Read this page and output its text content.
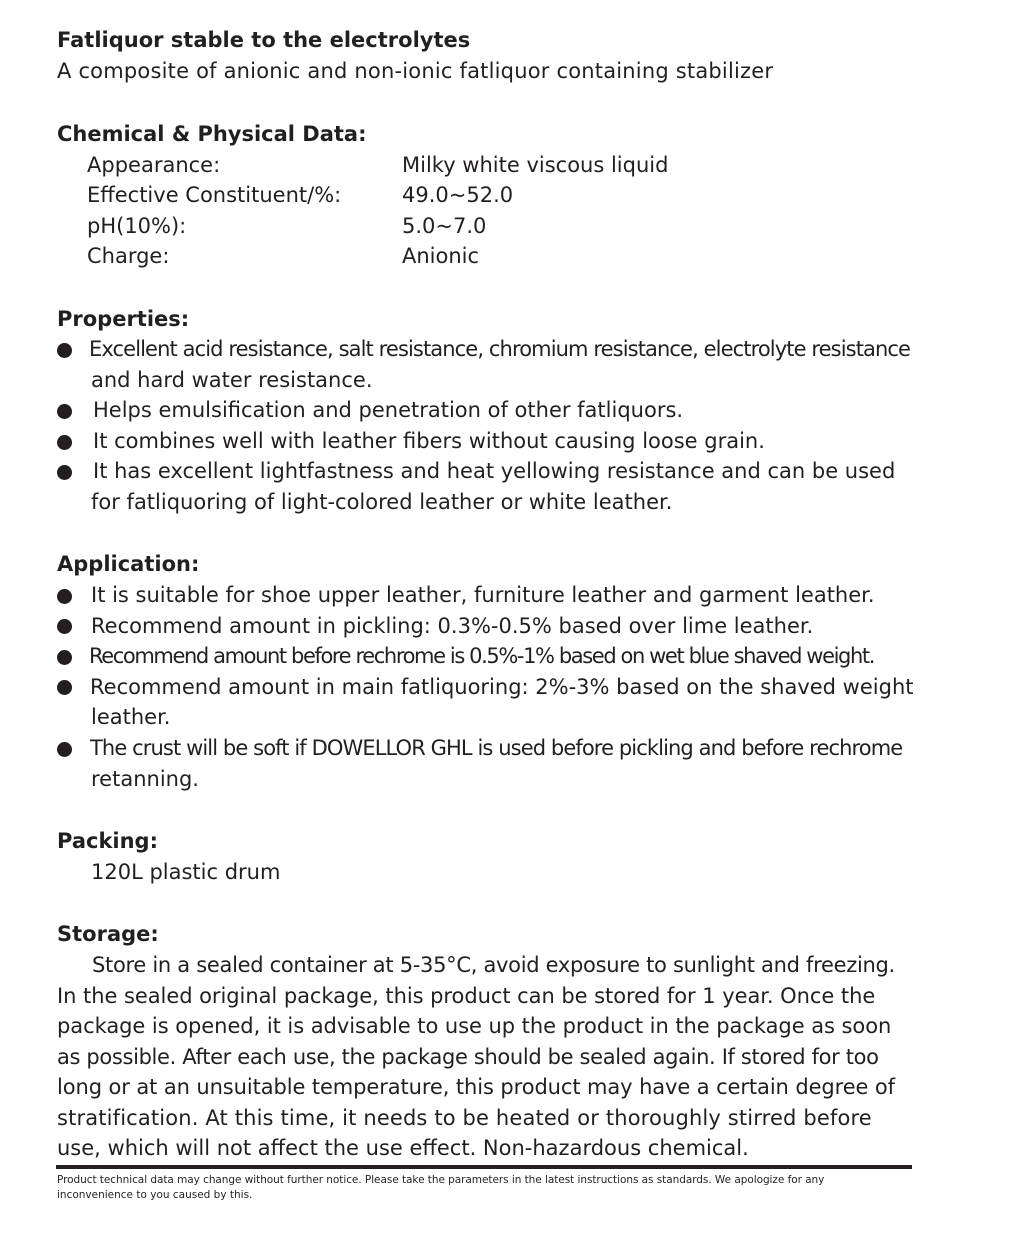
Fatliquor stable to the electrolytes
A composite of anionic and non-ionic fatliquor containing stabilizer
Chemical & Physical Data:
Appearance:	Milky white viscous liquid
Effective Constituent/%:	49.0~52.0
pH(10%):	5.0~7.0
Charge:	Anionic
Properties:
Excellent acid resistance, salt resistance, chromium resistance, electrolyte resistance
and hard water resistance.
Helps emulsification and penetration of other fatliquors.
It combines well with leather fibers without causing loose grain.
It has excellent lightfastness and heat yellowing resistance and can be used
for fatliquoring of light-colored leather or white leather.
Application:
It is suitable for shoe upper leather, furniture leather and garment leather.
Recommend amount in pickling: 0.3%-0.5% based over lime leather.
Recommend amount before rechrome is 0.5%-1% based on wet blue shaved weight.
Recommend amount in main fatliquoring: 2%-3% based on the shaved weight
leather.
The crust will be soft if DOWELLOR GHL is used before pickling and before rechrome
retanning.
Packing:
120L plastic drum
Storage:
Store in a sealed container at 5-35°C, avoid exposure to sunlight and freezing.
In the sealed original package, this product can be stored for 1 year. Once the
package is opened, it is advisable to use up the product in the package as soon
as possible. After each use, the package should be sealed again. If stored for too
long or at an unsuitable temperature, this product may have a certain degree of
stratification. At this time, it needs to be heated or thoroughly stirred before
use, which will not affect the use effect. Non-hazardous chemical.
Product technical data may change without further notice. Please take the parameters in the latest instructions as standards. We apologize for any
inconvenience to you caused by this.
